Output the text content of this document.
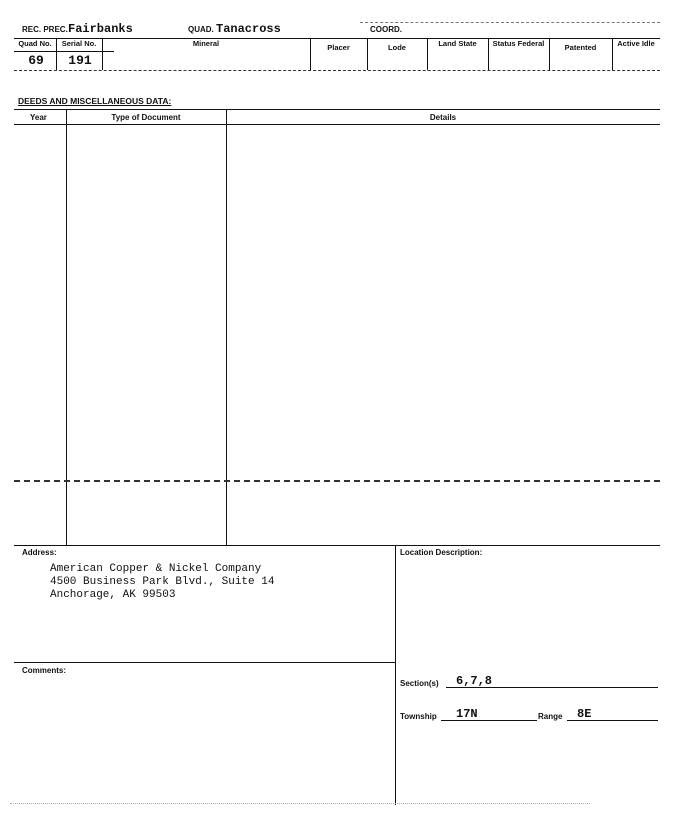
REC. PREC. Fairbanks	QUAD. Tanacross	COORD.
Quad No.	Serial No.	Mineral	Placer	Lode	Land State	Status Federal	Patented	Active Idle
69	191
DEEDS AND MISCELLANEOUS DATA:
Year	Type of Document	Details
Address:
American Copper & Nickel Company
4500 Business Park Blvd., Suite 14
Anchorage, AK 99503
Location Description:
Comments:
Section(s) 6,7,8
Township 17N	Range 8E
